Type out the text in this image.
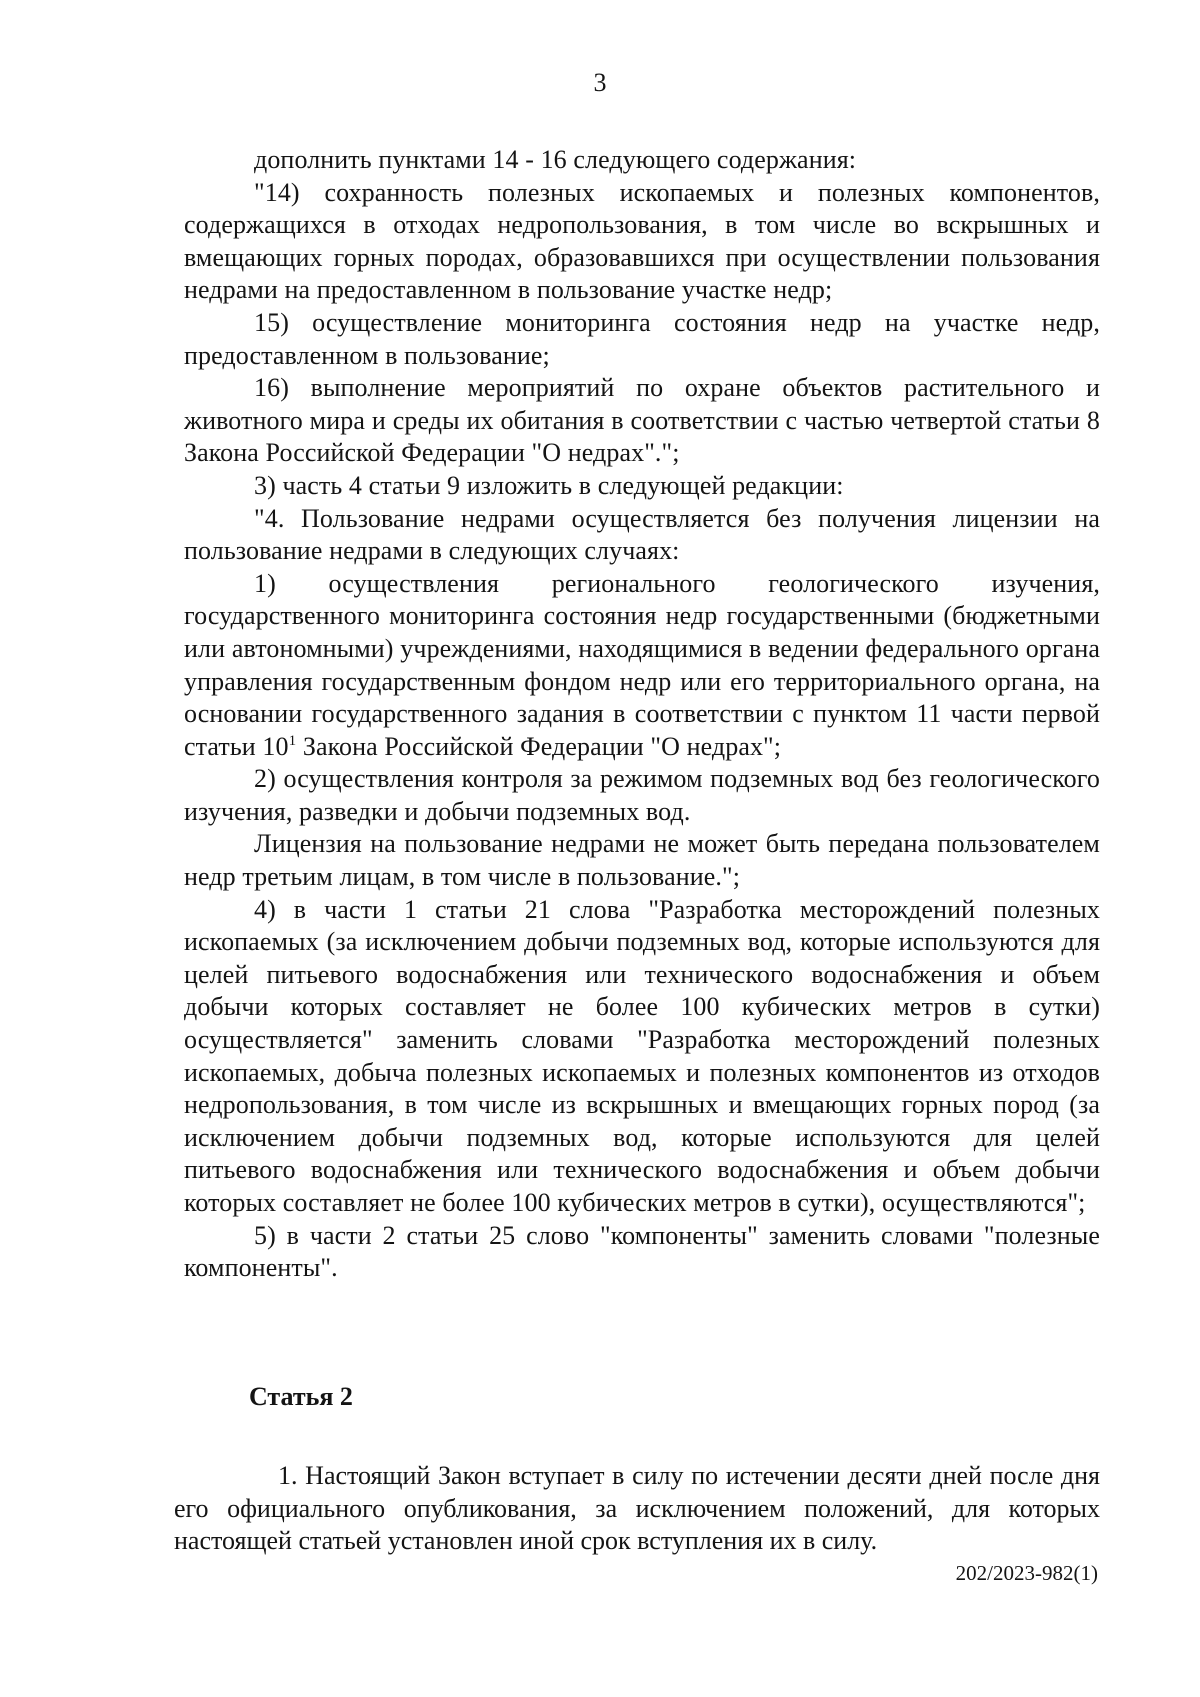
3

дополнить пунктами 14 - 16 следующего содержания:

"14) сохранность полезных ископаемых и полезных компонентов, содержащихся в отходах недропользования, в том числе во вскрышных и вмещающих горных породах, образовавшихся при осуществлении пользования недрами на предоставленном в пользование участке недр;

15) осуществление мониторинга состояния недр на участке недр, предоставленном в пользование;

16) выполнение мероприятий по охране объектов растительного и животного мира и среды их обитания в соответствии с частью четвертой статьи 8 Закона Российской Федерации "О недрах".";

3) часть 4 статьи 9 изложить в следующей редакции:

"4. Пользование недрами осуществляется без получения лицензии на пользование недрами в следующих случаях:

1) осуществления регионального геологического изучения, государственного мониторинга состояния недр государственными (бюджетными или автономными) учреждениями, находящимися в ведении федерального органа управления государственным фондом недр или его территориального органа, на основании государственного задания в соответствии с пунктом 11 части первой статьи $10^1$ Закона Российской Федерации "О недрах";

2) осуществления контроля за режимом подземных вод без геологического изучения, разведки и добычи подземных вод.

Лицензия на пользование недрами не может быть передана пользователем недр третьим лицам, в том числе в пользование.";

4) в части 1 статьи 21 слова "Разработка месторождений полезных ископаемых (за исключением добычи подземных вод, которые используются для целей питьевого водоснабжения или технического водоснабжения и объем добычи которых составляет не более 100 кубических метров в сутки) осуществляется" заменить словами "Разработка месторождений полезных ископаемых, добыча полезных ископаемых и полезных компонентов из отходов недропользования, в том числе из вскрышных и вмещающих горных пород (за исключением добычи подземных вод, которые используются для целей питьевого водоснабжения или технического водоснабжения и объем добычи которых составляет не более 100 кубических метров в сутки), осуществляются";

5) в части 2 статьи 25 слово "компоненты" заменить словами "полезные компоненты".

Статья 2

1. Настоящий Закон вступает в силу по истечении десяти дней после дня его официального опубликования, за исключением положений, для которых настоящей статьей установлен иной срок вступления их в силу.

202/2023-982(1)
